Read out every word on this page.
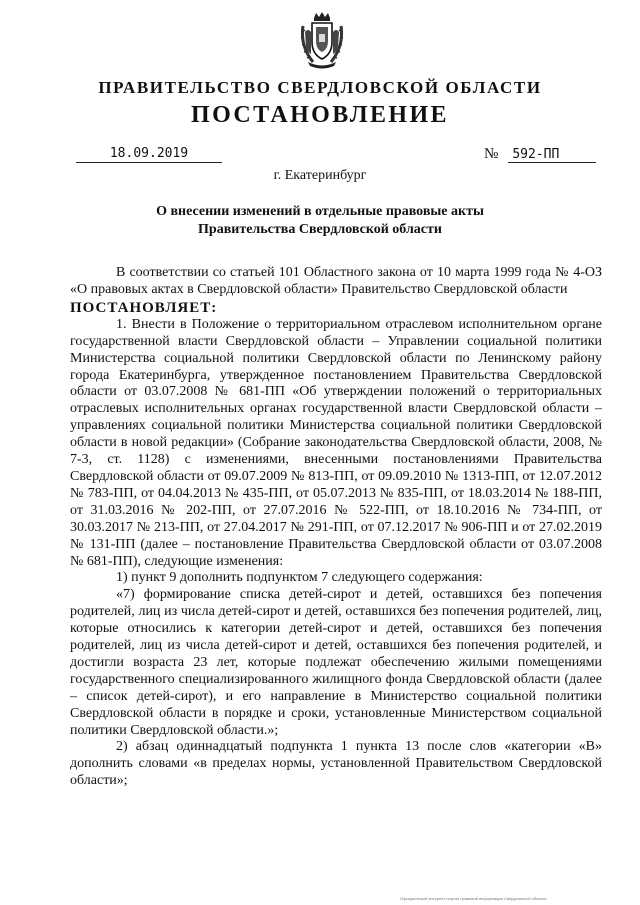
ПРАВИТЕЛЬСТВО СВЕРДЛОВСКОЙ ОБЛАСТИ
ПОСТАНОВЛЕНИЕ
18.09.2019	№ 592-ПП
г. Екатеринбург
О внесении изменений в отдельные правовые акты
Правительства Свердловской области

В соответствии со статьей 101 Областного закона от 10 марта 1999 года № 4-ОЗ «О правовых актах в Свердловской области» Правительство Свердловской области

ПОСТАНОВЛЯЕТ:

1. Внести в Положение о территориальном отраслевом исполнительном органе государственной власти Свердловской области – Управлении социальной политики Министерства социальной политики Свердловской области по Ленинскому району города Екатеринбурга, утвержденное постановлением Правительства Свердловской области от 03.07.2008 № 681-ПП «Об утверждении положений о территориальных отраслевых исполнительных органах государственной власти Свердловской области – управлениях социальной политики Министерства социальной политики Свердловской области в новой редакции» (Собрание законодательства Свердловской области, 2008, № 7-3, ст. 1128) с изменениями, внесенными постановлениями Правительства Свердловской области от 09.07.2009 № 813-ПП, от 09.09.2010 № 1313-ПП, от 12.07.2012 № 783-ПП, от 04.04.2013 № 435-ПП, от 05.07.2013 № 835-ПП, от 18.03.2014 № 188-ПП, от 31.03.2016 № 202-ПП, от 27.07.2016 № 522-ПП, от 18.10.2016 № 734-ПП, от 30.03.2017 № 213-ПП, от 27.04.2017 № 291-ПП, от 07.12.2017 № 906-ПП и от 27.02.2019 № 131-ПП (далее – постановление Правительства Свердловской области от 03.07.2008 № 681-ПП), следующие изменения:

1) пункт 9 дополнить подпунктом 7 следующего содержания:

«7) формирование списка детей-сирот и детей, оставшихся без попечения родителей, лиц из числа детей-сирот и детей, оставшихся без попечения родителей, лиц, которые относились к категории детей-сирот и детей, оставшихся без попечения родителей, лиц из числа детей-сирот и детей, оставшихся без попечения родителей, и достигли возраста 23 лет, которые подлежат обеспечению жилыми помещениями государственного специализированного жилищного фонда Свердловской области (далее – список детей-сирот), и его направление в Министерство социальной политики Свердловской области в порядке и сроки, установленные Министерством социальной политики Свердловской области.»;

2) абзац одиннадцатый подпункта 1 пункта 13 после слов «категории «В» дополнить словами «в пределах нормы, установленной Правительством Свердловской области»;

Официальный интернет-портал правовой информации Свердловской области
